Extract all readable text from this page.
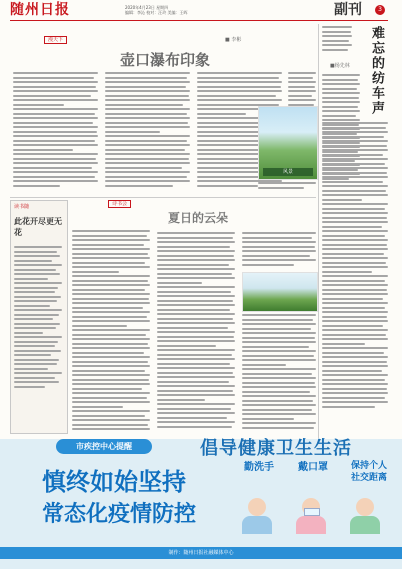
随州日报	2020年4月23日 星期四
编辑：李沁 校对：汪玲 美编：王晖	副刊	3
漫天下	■ 李彬
壶口瀑布印象
风景
■杨先林	难忘的纺车声
读书随
此花开尽更无花
诗书会
夏日的云朵
市疾控中心提醒	倡导健康卫生生活
慎终如始坚持
常态化疫情防控
勤洗手	戴口罩	保持个人
社交距离
制作：随州日报社融媒体中心
